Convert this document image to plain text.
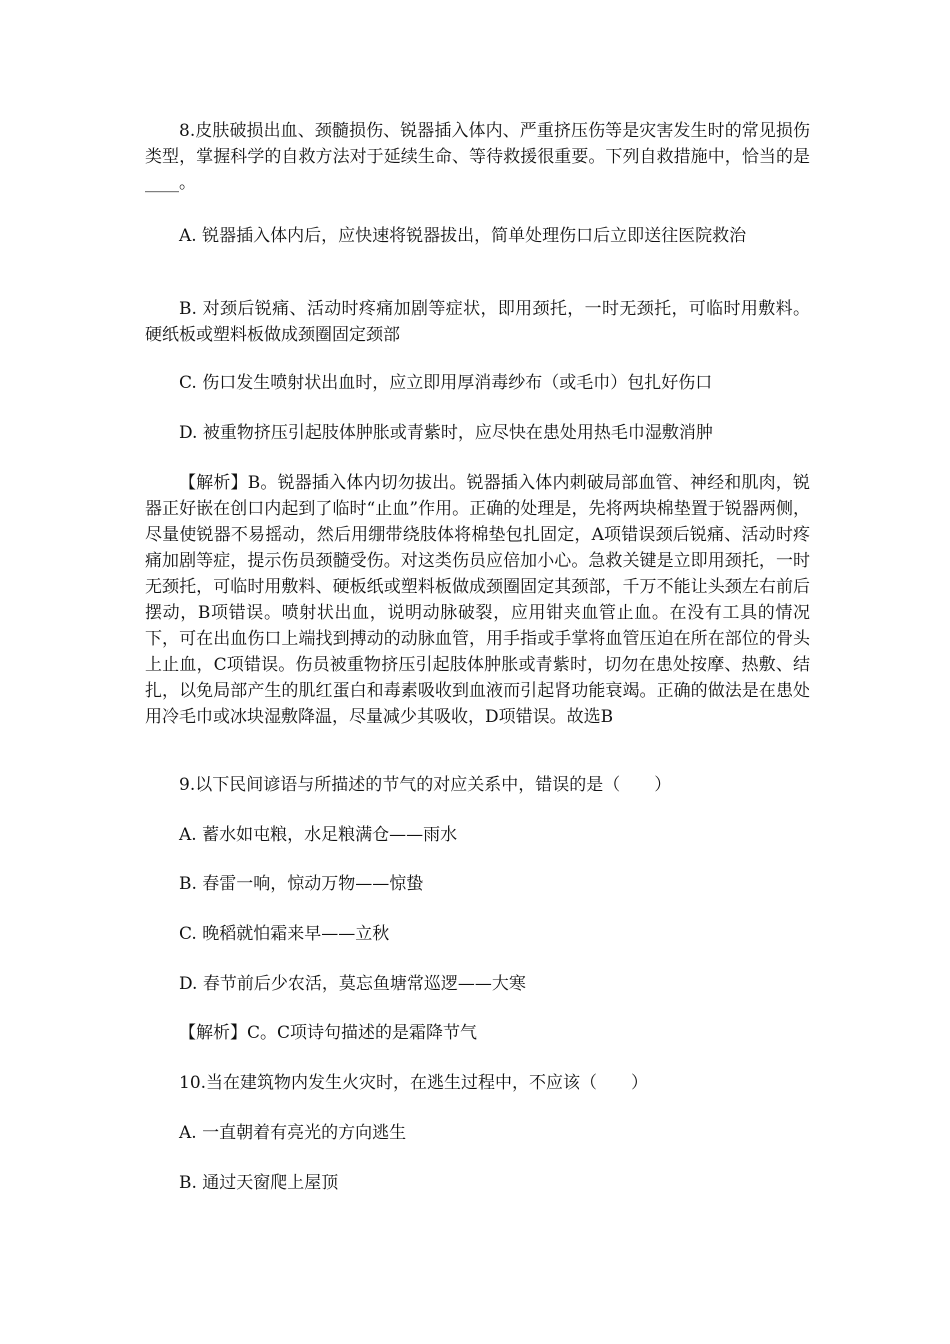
8.皮肤破损出血、颈髓损伤、锐器插入体内、严重挤压伤等是灾害发生时的常见损伤类型，掌握科学的自救方法对于延续生命、等待救援很重要。下列自救措施中，恰当的是____。

A. 锐器插入体内后，应快速将锐器拔出，简单处理伤口后立即送往医院救治

B. 对颈后锐痛、活动时疼痛加剧等症状，即用颈托，一时无颈托，可临时用敷料。硬纸板或塑料板做成颈圈固定颈部

C. 伤口发生喷射状出血时，应立即用厚消毒纱布（或毛巾）包扎好伤口

D. 被重物挤压引起肢体肿胀或青紫时，应尽快在患处用热毛巾湿敷消肿

【解析】B。锐器插入体内切勿拔出。锐器插入体内刺破局部血管、神经和肌肉，锐器正好嵌在创口内起到了临时“止血”作用。正确的处理是，先将两块棉垫置于锐器两侧，尽量使锐器不易摇动，然后用绷带绕肢体将棉垫包扎固定，A项错误颈后锐痛、活动时疼痛加剧等症，提示伤员颈髓受伤。对这类伤员应倍加小心。急救关键是立即用颈托，一时无颈托，可临时用敷料、硬板纸或塑料板做成颈圈固定其颈部，千万不能让头颈左右前后摆动，B项错误。喷射状出血，说明动脉破裂，应用钳夹血管止血。在没有工具的情况下，可在出血伤口上端找到搏动的动脉血管，用手指或手掌将血管压迫在所在部位的骨头上止血，C项错误。伤员被重物挤压引起肢体肿胀或青紫时，切勿在患处按摩、热敷、结扎，以免局部产生的肌红蛋白和毒素吸收到血液而引起肾功能衰竭。正确的做法是在患处用冷毛巾或冰块湿敷降温，尽量减少其吸收，D项错误。故选B

9.以下民间谚语与所描述的节气的对应关系中，错误的是（　　）

A. 蓄水如屯粮，水足粮满仓——雨水

B. 春雷一响，惊动万物——惊蛰

C. 晚稻就怕霜来早——立秋

D. 春节前后少农活，莫忘鱼塘常巡逻——大寒

【解析】C。C项诗句描述的是霜降节气

10.当在建筑物内发生火灾时，在逃生过程中，不应该（　　）

A. 一直朝着有亮光的方向逃生

B. 通过天窗爬上屋顶
